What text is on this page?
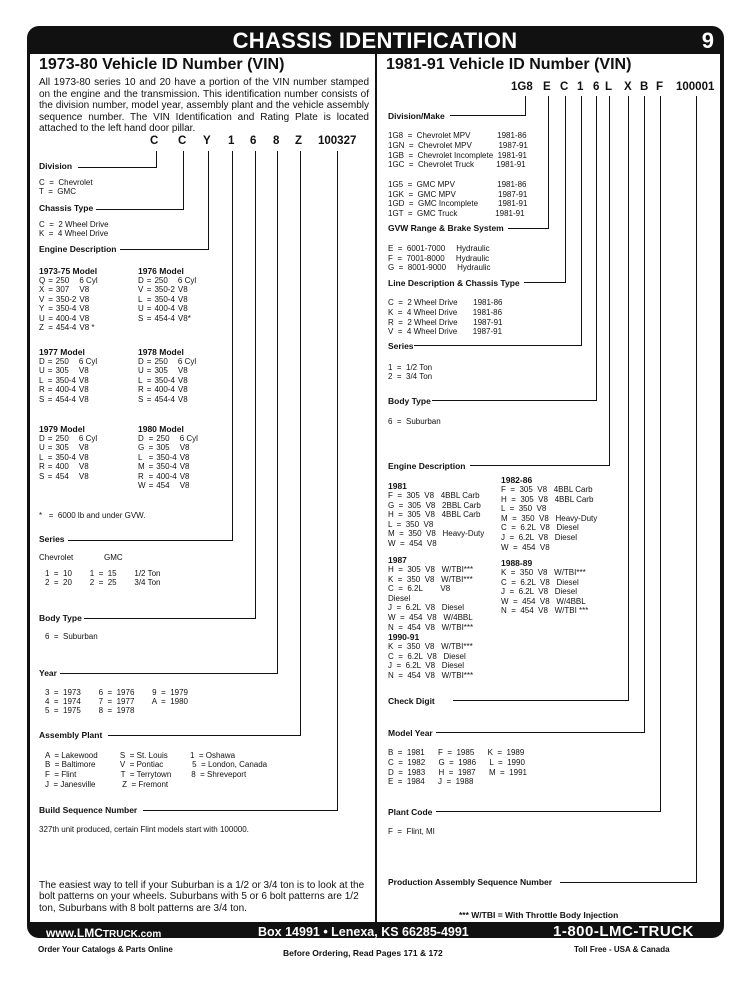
CHASSIS IDENTIFICATION	9
1973-80 Vehicle ID Number (VIN)
All 1973-80 series 10 and 20 have a portion of the VIN number stamped on the engine and the transmission. This identification number consists of the division number, model year, assembly plant and the vehicle assembly sequence number. The VIN Identification and Rating Plate is located attached to the left hand door pillar.
C C Y 1 6 8 Z 100327
Division
C  =  Chevrolet
T  =  GMC
Chassis Type
C  =  2 Wheel Drive
K  =  4 Wheel Drive
Engine Description
1973-75 Model
Q	=	250	6 Cyl
X	=	307	V8
V	=	350-2	V8
Y	=	350-4	V8
U	=	400-4	V8
Z	=	454-4	V8 *
1976 Model
D	=	250	6 Cyl
V	=	350-2	V8
L	=	350-4	V8
U	=	400-4	V8
S	=	454-4	V8*
1977 Model
D	=	250	6 Cyl
U	=	305	V8
L	=	350-4	V8
R	=	400-4	V8
S	=	454-4	V8
1978 Model
D	=	250	6 Cyl
U	=	305	V8
L	=	350-4	V8
R	=	400-4	V8
S	=	454-4	V8
1979 Model
D	=	250	6 Cyl
U	=	305	V8
L	=	350-4	V8
R	=	400	V8
S	=	454	V8
1980 Model
D	=	250	6 Cyl
G	=	305	V8
L	=	350-4	V8
M	=	350-4	V8
R	=	400-4	V8
W	=	454	V8
*   =  6000 lb and under GVW.
Series
Chevrolet	GMC
1  =  10        1  =  15        1/2 Ton
2  =  20        2  =  25        3/4 Ton
Body Type
6  =  Suburban
Year
3  =  1973        6  =  1976        9  =  1979
4  =  1974        7  =  1977        A  =  1980
5  =  1975        8  =  1978
Assembly Plant
A  = Lakewood          S  = St. Louis          1  = Oshawa
B  = Baltimore           V  = Pontiac             5  = London, Canada
F  = Flint                    T  = Terrytown         8  = Shreveport
J  = Janesville            Z  = Fremont
Build Sequence Number
327th unit produced, certain Flint models start with 100000.
The easiest way to tell if your Suburban is a 1/2 or 3/4 ton is to look at the bolt patterns on your wheels. Suburbans with 5 or 6 bolt patterns are 1/2 ton, Suburbans with 8 bolt patterns are 3/4 ton.
1981-91 Vehicle ID Number (VIN)
1G8 E C 1 6 L X B F 100001
Division/Make
1G8  =  Chevrolet MPV            1981-86
1GN  =  Chevrolet MPV            1987-91
1GB  =  Chevrolet Incomplete  1981-91
1GC  =  Chevrolet Truck          1981-91
1G5  =  GMC MPV                   1981-86
1GK  =  GMC MPV                   1987-91
1GD  =  GMC Incomplete         1981-91
1GT  =  GMC Truck                 1981-91
GVW Range & Brake System
E  =  6001-7000     Hydraulic
F  =  7001-8000     Hydraulic
G  =  8001-9000     Hydraulic
Line Description & Chassis Type
C  =  2 Wheel Drive       1981-86
K  =  4 Wheel Drive       1981-86
R  =  2 Wheel Drive       1987-91
V  =  4 Wheel Drive       1987-91
Series
1  =  1/2 Ton
2  =  3/4 Ton
Body Type
6  =  Suburban
Engine Description
1981
F  =  305  V8   4BBL Carb
G  =  305  V8   2BBL Carb
H  =  305  V8   4BBL Carb
L  =  350  V8
M  =  350  V8   Heavy-Duty
W  =  454  V8
1987
H  =  305  V8   W/TBI***
K  =  350  V8   W/TBI***
C  =  6.2L        V8
Diesel
J  =  6.2L  V8   Diesel
W  =  454  V8   W/4BBL
N  =  454  V8   W/TBI***
1990-91
K  =  350  V8   W/TBI***
C  =  6.2L  V8   Diesel
J  =  6.2L  V8   Diesel
N  =  454  V8   W/TBI***
1982-86
F  =  305  V8   4BBL Carb
H  =  305  V8   4BBL Carb
L  =  350  V8
M  =  350  V8   Heavy-Duty
C  =  6.2L  V8   Diesel
J  =  6.2L  V8   Diesel
W  =  454  V8
1988-89
K  =  350  V8   W/TBI***
C  =  6.2L  V8   Diesel
J  =  6.2L  V8   Diesel
W  =  454  V8   W/4BBL
N  =  454  V8   W/TBI ***
Check Digit
Model Year
B  =  1981      F  =  1985      K  =  1989
C  =  1982      G  =  1986      L  =  1990
D  =  1983      H  =  1987      M  =  1991
E  =  1984      J  =  1988
Plant Code
F  =  Flint, MI
Production Assembly Sequence Number
*** W/TBI = With Throttle Body Injection
www.LMCTRUCK.com	Box 14991 • Lenexa, KS 66285-4991	1-800-LMC-TRUCK
Order Your Catalogs & Parts Online	Before Ordering, Read Pages 171 & 172	Toll Free - USA & Canada
